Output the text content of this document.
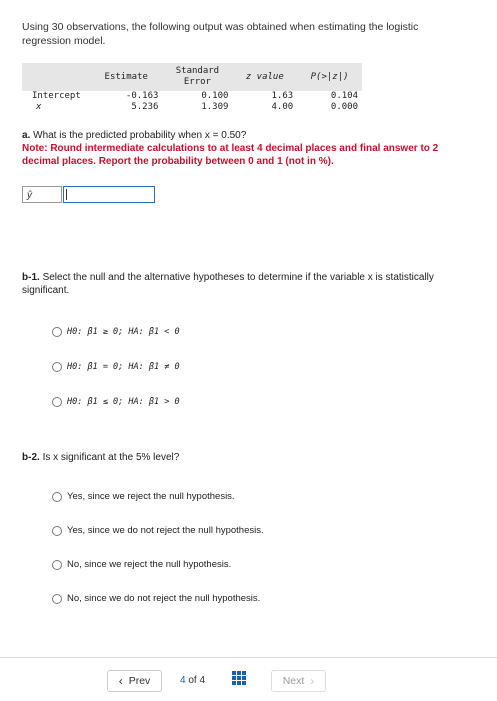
Using 30 observations, the following output was obtained when estimating the logistic regression model.
	Estimate	Standard Error	z value	P(>|z|)
Intercept	-0.163	0.100	1.63	0.104
x	5.236	1.309	4.00	0.000
a. What is the predicted probability when x = 0.50?
Note: Round intermediate calculations to at least 4 decimal places and final answer to 2 decimal places. Report the probability between 0 and 1 (not in %).
ŷ
b-1. Select the null and the alternative hypotheses to determine if the variable x is statistically significant.
H0: β1 ≥ 0; HA: β1 < 0
H0: β1 = 0; HA: β1 ≠ 0
H0: β1 ≤ 0; HA: β1 > 0
b-2. Is x significant at the 5% level?
Yes, since we reject the null hypothesis.
Yes, since we do not reject the null hypothesis.
No, since we reject the null hypothesis.
No, since we do not reject the null hypothesis.
‹ Prev	4 of 4	Next ›
